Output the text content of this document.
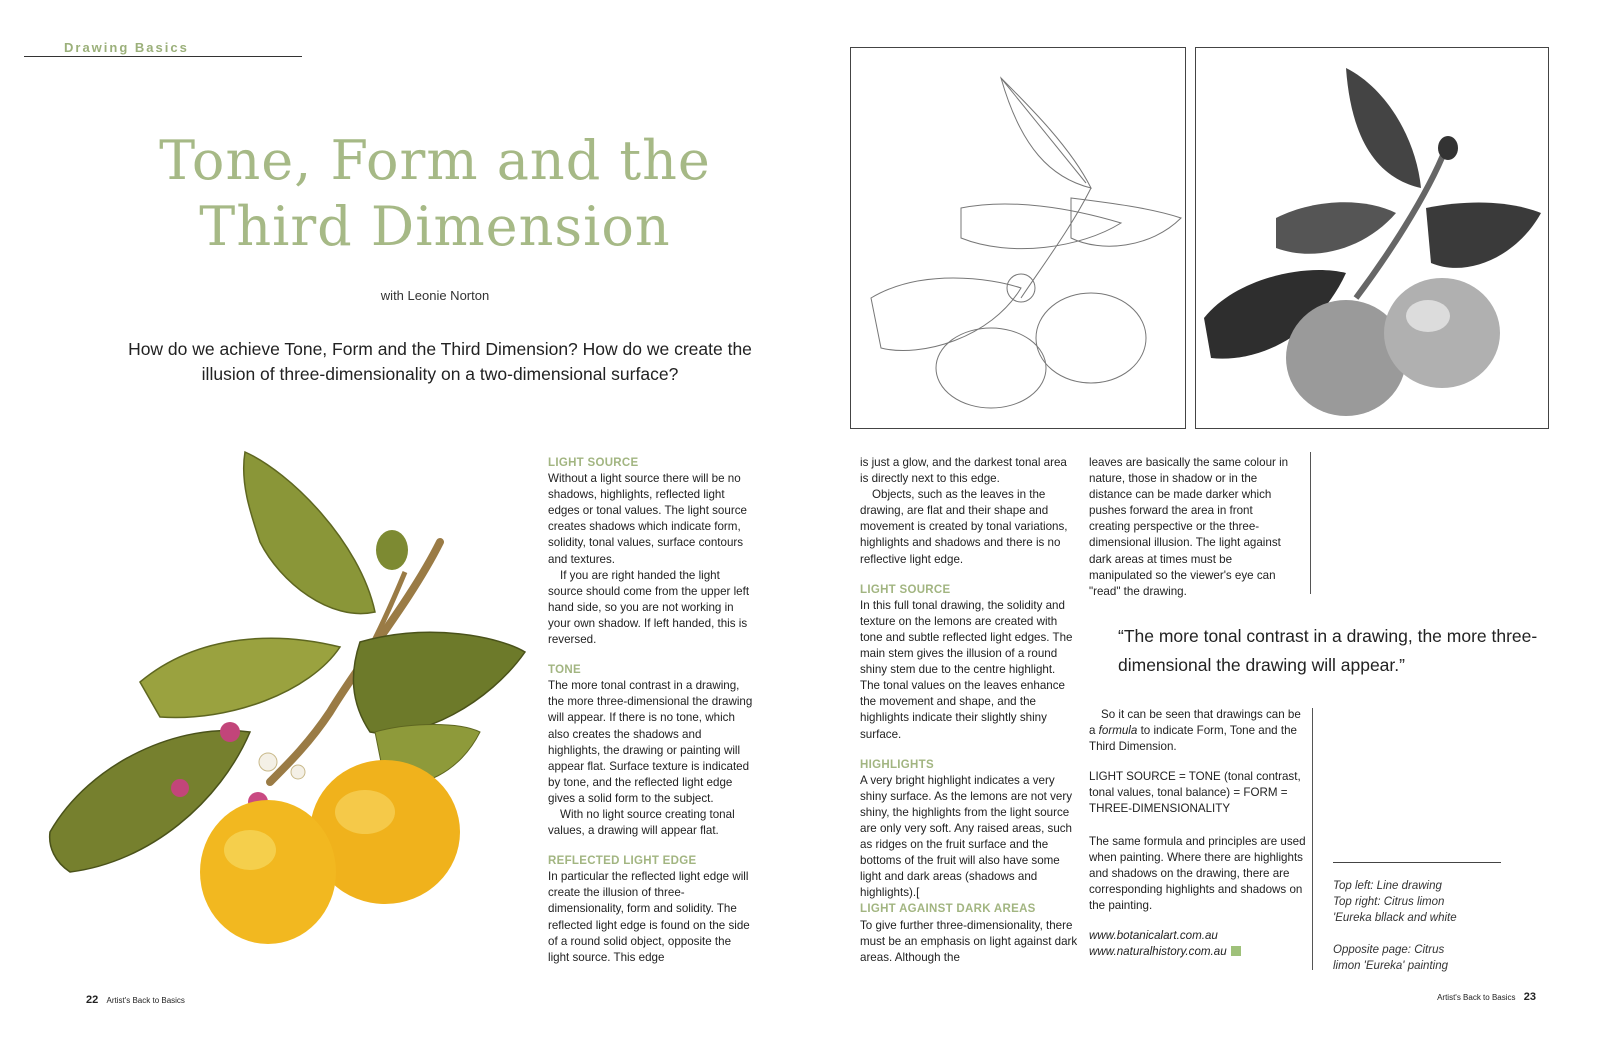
Drawing Basics
Tone, Form and the
Third Dimension
with Leonie Norton
How do we achieve Tone, Form and the Third Dimension? How do we create the illusion of three-dimensionality on a two-dimensional surface?

LIGHT SOURCE

Without a light source there will be no shadows, highlights, reflected light edges or tonal values. The light source creates shadows which indicate form, solidity, tonal values, surface contours and textures.

If you are right handed the light source should come from the upper left hand side, so you are not working in your own shadow. If left handed, this is reversed.

TONE

The more tonal contrast in a drawing, the more three-dimensional the drawing will appear. If there is no tone, which also creates the shadows and highlights, the drawing or painting will appear flat. Surface texture is indicated by tone, and the reflected light edge gives a solid form to the subject.

With no light source creating tonal values, a drawing will appear flat.

REFLECTED LIGHT EDGE

In particular the reflected light edge will create the illusion of three-dimensionality, form and solidity. The reflected light edge is found on the side of a round solid object, opposite the light source. This edge

is just a glow, and the darkest tonal area is directly next to this edge.

Objects, such as the leaves in the drawing, are flat and their shape and movement is created by tonal variations, highlights and shadows and there is no reflective light edge.

LIGHT SOURCE

In this full tonal drawing, the solidity and texture on the lemons are created with tone and subtle reflected light edges. The main stem gives the illusion of a round shiny stem due to the centre highlight. The tonal values on the leaves enhance the movement and shape, and the highlights indicate their slightly shiny surface.

HIGHLIGHTS

A very bright highlight indicates a very shiny surface. As the lemons are not very shiny, the highlights from the light source are only very soft. Any raised areas, such as ridges on the fruit surface and the bottoms of the fruit will also have some light and dark areas (shadows and highlights).[

LIGHT AGAINST DARK AREAS

To give further three-dimensionality, there must be an emphasis on light against dark areas. Although the

leaves are basically the same colour in nature, those in shadow or in the distance can be made darker which pushes forward the area in front creating perspective or the three-dimensional illusion. The light against dark areas at times must be manipulated so the viewer's eye can "read" the drawing.

“The more tonal contrast in a drawing, the more three-dimensional the drawing will appear.”

So it can be seen that drawings can be a formula to indicate Form, Tone and the Third Dimension.

LIGHT SOURCE = TONE (tonal contrast, tonal values, tonal balance) = FORM = THREE-DIMENSIONALITY

The same formula and principles are used when painting. Where there are highlights and shadows on the drawing, there are corresponding highlights and shadows on the painting.

www.botanicalart.com.au

www.naturalhistory.com.au

Top left: Line drawing
Top right: Citrus limon
'Eureka bllack and white
Opposite page: Citrus
limon 'Eureka' painting
22 Artist's Back to Basics	Artist's Back to Basics 23
